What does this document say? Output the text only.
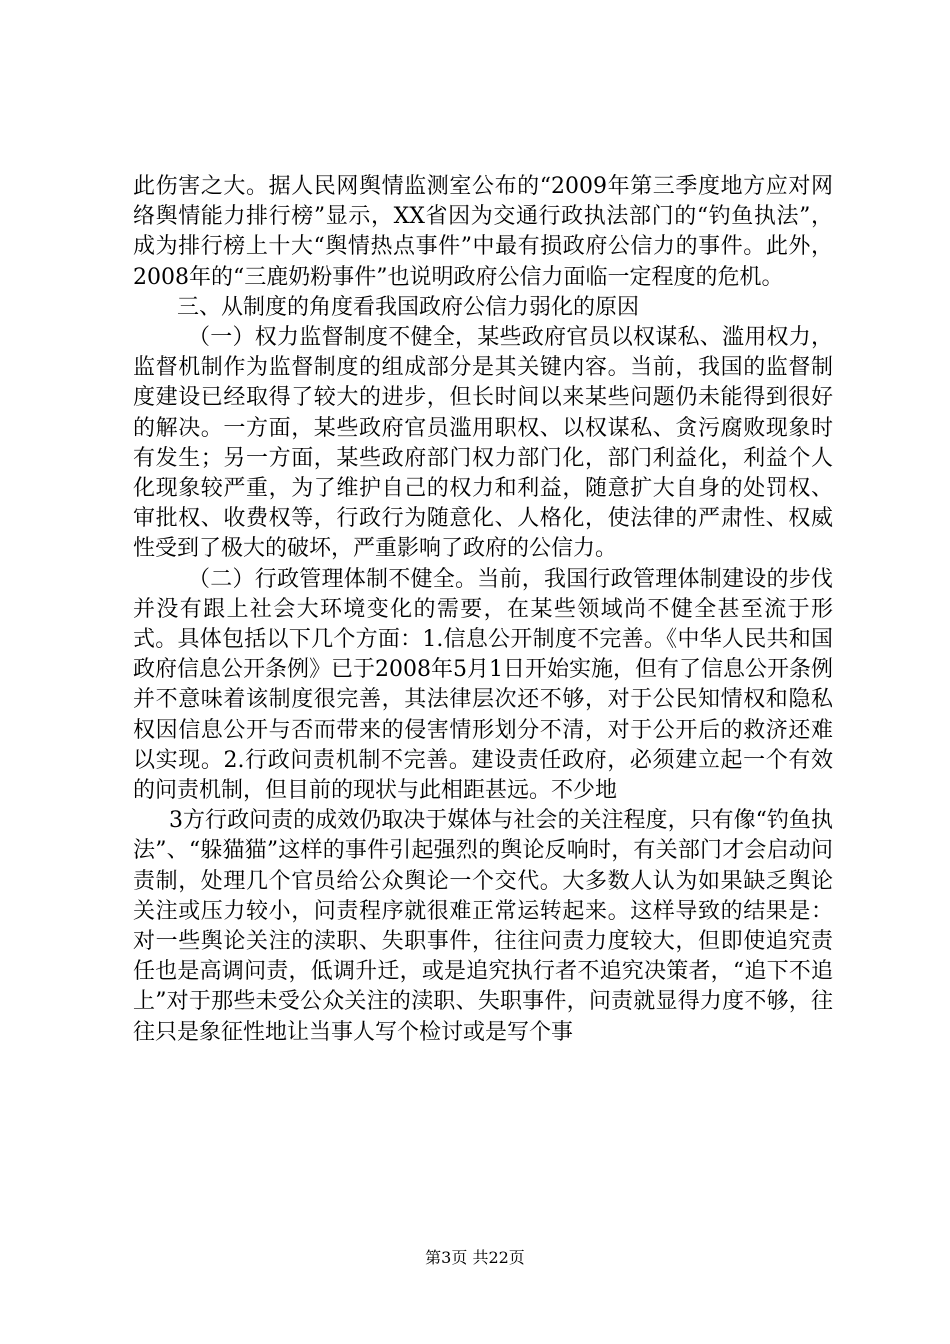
此伤害之大。据人民网舆情监测室公布的“2009年第三季度地方应对网络舆情能力排行榜”显示，XX省因为交通行政执法部门的“钓鱼执法”，成为排行榜上十大“舆情热点事件”中最有损政府公信力的事件。此外，2008年的“三鹿奶粉事件”也说明政府公信力面临一定程度的危机。

三、从制度的角度看我国政府公信力弱化的原因

（一）权力监督制度不健全，某些政府官员以权谋私、滥用权力，监督机制作为监督制度的组成部分是其关键内容。当前，我国的监督制度建设已经取得了较大的进步，但长时间以来某些问题仍未能得到很好的解决。一方面，某些政府官员滥用职权、以权谋私、贪污腐败现象时有发生；另一方面，某些政府部门权力部门化，部门利益化，利益个人化现象较严重，为了维护自己的权力和利益，随意扩大自身的处罚权、审批权、收费权等，行政行为随意化、人格化，使法律的严肃性、权威性受到了极大的破坏，严重影响了政府的公信力。

（二）行政管理体制不健全。当前，我国行政管理体制建设的步伐并没有跟上社会大环境变化的需要，在某些领域尚不健全甚至流于形式。具体包括以下几个方面：1.信息公开制度不完善。《中华人民共和国政府信息公开条例》已于2008年5月1日开始实施，但有了信息公开条例并不意味着该制度很完善，其法律层次还不够，对于公民知情权和隐私权因信息公开与否而带来的侵害情形划分不清，对于公开后的救济还难以实现。2.行政问责机制不完善。建设责任政府，必须建立起一个有效的问责机制，但目前的现状与此相距甚远。不少地

3方行政问责的成效仍取决于媒体与社会的关注程度，只有像“钓鱼执法”、“躲猫猫”这样的事件引起强烈的舆论反响时，有关部门才会启动问责制，处理几个官员给公众舆论一个交代。大多数人认为如果缺乏舆论关注或压力较小，问责程序就很难正常运转起来。这样导致的结果是：对一些舆论关注的渎职、失职事件，往往问责力度较大，但即使追究责任也是高调问责，低调升迁，或是追究执行者不追究决策者，“追下不追上”对于那些未受公众关注的渎职、失职事件，问责就显得力度不够，往往只是象征性地让当事人写个检讨或是写个事

第3页 共22页
